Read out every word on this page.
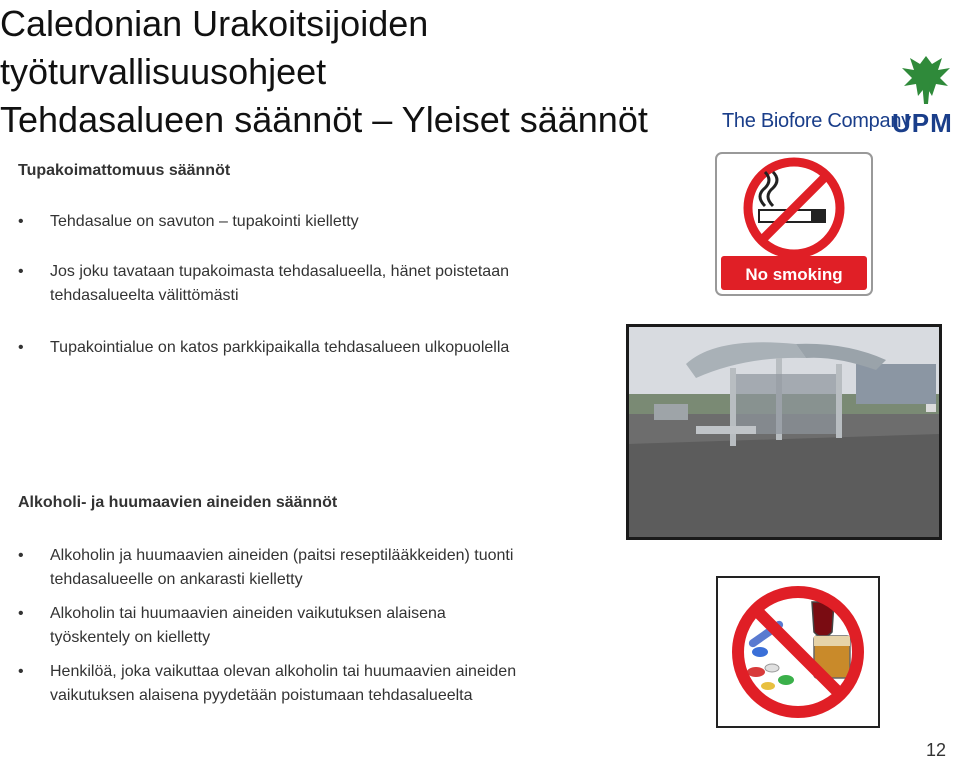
Caledonian Urakoitsijoiden
työturvallisuusohjeet
Tehdasalueen säännöt – Yleiset säännöt	The Biofore Company
UPM
Tupakoimattomuus säännöt
• Tehdasalue on savuton – tupakointi kielletty
• Jos joku tavataan tupakoimasta tehdasalueella, hänet poistetaan tehdasalueelta välittömästi
• Tupakointialue on katos parkkipaikalla tehdasalueen ulkopuolella
Alkoholi- ja huumaavien aineiden säännöt
• Alkoholin ja huumaavien aineiden (paitsi reseptilääkkeiden) tuonti tehdasalueelle on ankarasti kielletty
• Alkoholin tai huumaavien aineiden vaikutuksen alaisena työskentely on kielletty
• Henkilöä, joka vaikuttaa olevan alkoholin tai huumaavien aineiden vaikutuksen alaisena pyydetään poistumaan tehdasalueelta
No smoking
12
